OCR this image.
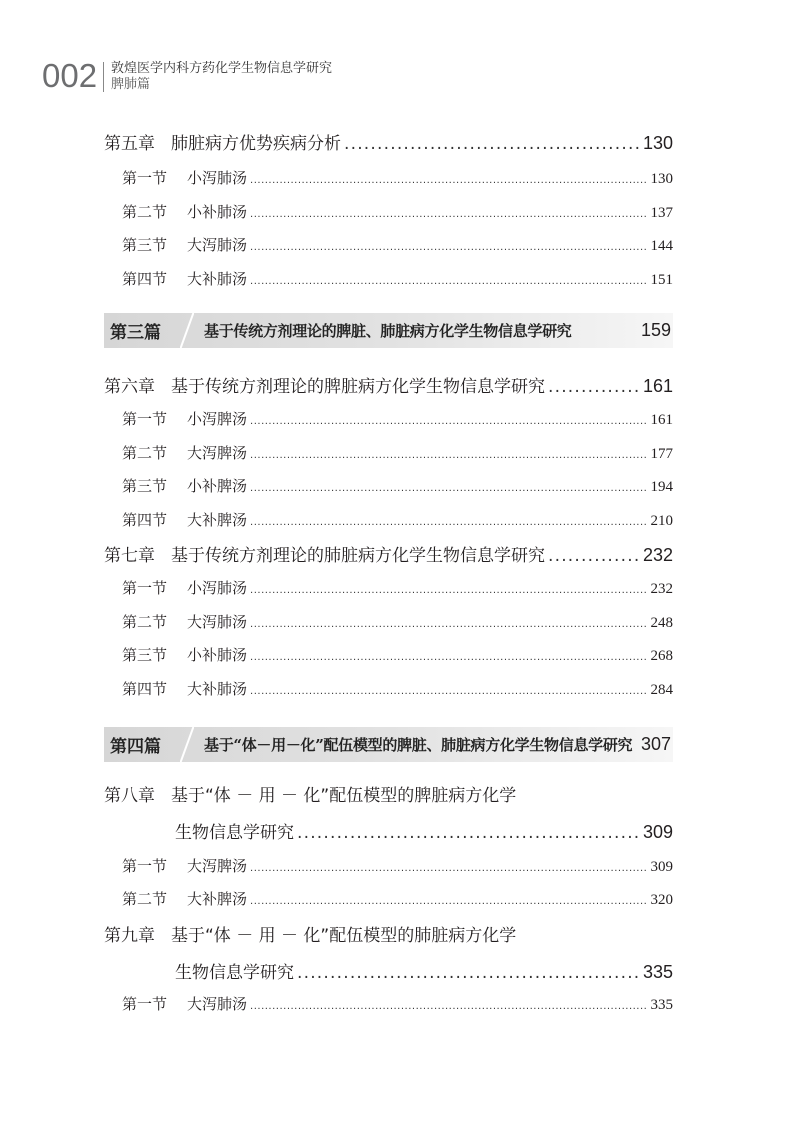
002 敦煌医学内科方药化学生物信息学研究
脾肺篇
第五章 肺脏病方优势疾病分析 .....	130
第一节 小泻肺汤 .....	130
第二节 小补肺汤 .....	137
第三节 大泻肺汤 .....	144
第四节 大补肺汤 .....	151
第三篇	基于传统方剂理论的脾脏、肺脏病方化学生物信息学研究	159
第六章 基于传统方剂理论的脾脏病方化学生物信息学研究 .....	161
第一节 小泻脾汤 .....	161
第二节 大泻脾汤 .....	177
第三节 小补脾汤 .....	194
第四节 大补脾汤 .....	210
第七章 基于传统方剂理论的肺脏病方化学生物信息学研究 .....	232
第一节 小泻肺汤 .....	232
第二节 大泻肺汤 .....	248
第三节 小补肺汤 .....	268
第四节 大补肺汤 .....	284
第四篇	基于“体－用－化”配伍模型的脾脏、肺脏病方化学生物信息学研究 307
第八章 基于“体 － 用 － 化”配伍模型的脾脏病方化学
生物信息学研究 .....	309
第一节 大泻脾汤 .....	309
第二节 大补脾汤 .....	320
第九章 基于“体 － 用 － 化”配伍模型的肺脏病方化学
生物信息学研究 .....	335
第一节 大泻肺汤 .....	335
